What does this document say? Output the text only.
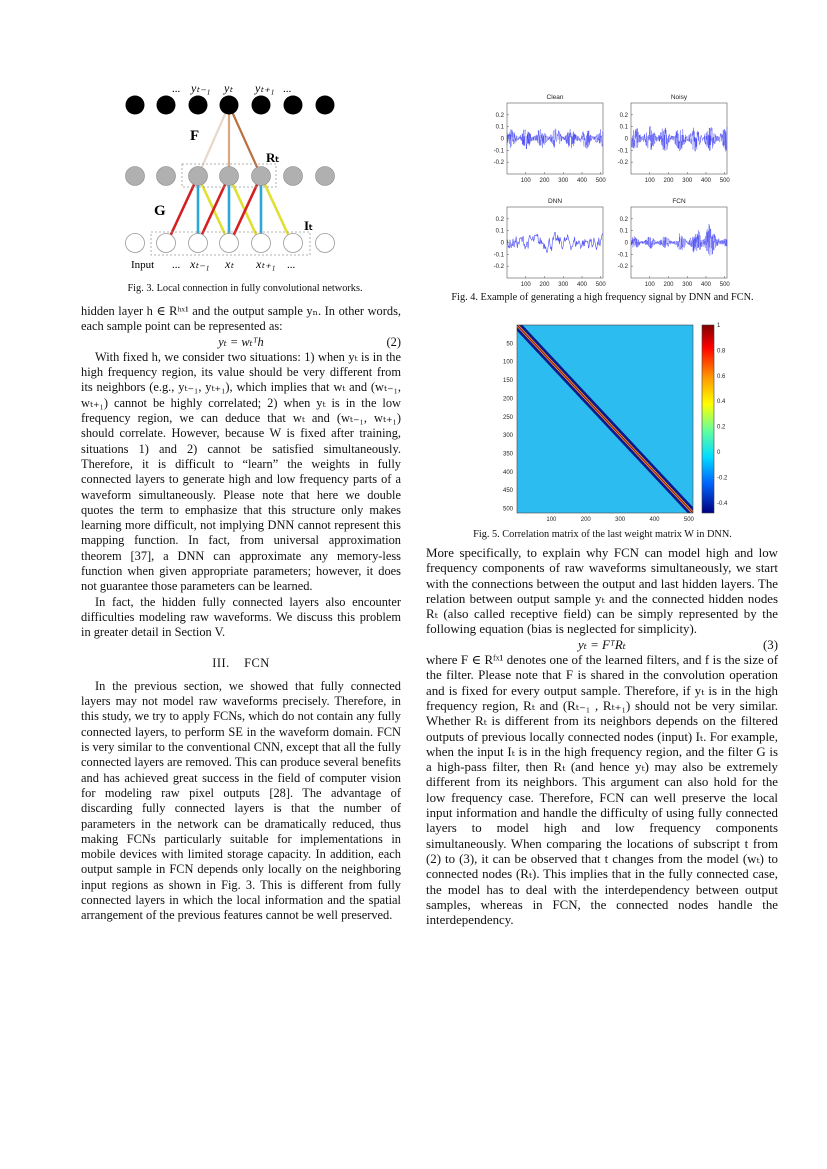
... yₜ₋₁ yₜ yₜ₊₁ ...
F
Rₜ
G
Iₜ
Input ... xₜ₋₁ xₜ xₜ₊₁ ...
Fig. 3. Local connection in fully convolutional networks.
Clean
0.2
0.1
0
-0.1
-0.2
100 200 300 400 500
Noisy
0.2
0.1
0
-0.1
-0.2
100 200 300 400 500
DNN
0.2
0.1
0
-0.1
-0.2
100 200 300 400 500
FCN
0.2
0.1
0
-0.1
-0.2
100 200 300 400 500
Fig. 4. Example of generating a high frequency signal by DNN and FCN.
50
100
150
200
250
300
350
400
450
500
100	200	300	400	500
1
0.8
0.6
0.4
0.2
0
-0.2
-0.4
Fig. 5. Correlation matrix of the last weight matrix W in DNN.

hidden layer h ∈ Rʰˣ¹ and the output sample yₙ. In other words, each sample point can be represented as:

yₜ = wₜᵀh	(2)

With fixed h, we consider two situations: 1) when yₜ is in the high frequency region, its value should be very different from its neighbors (e.g., yₜ₋₁, yₜ₊₁), which implies that wₜ and (wₜ₋₁, wₜ₊₁) cannot be highly correlated; 2) when yₜ is in the low frequency region, we can deduce that wₜ and (wₜ₋₁, wₜ₊₁) should correlate. However, because W is fixed after training, situations 1) and 2) cannot be satisfied simultaneously. Therefore, it is difficult to “learn” the weights in fully connected layers to generate high and low frequency parts of a waveform simultaneously. Please note that here we double quotes the term to emphasize that this structure only makes learning more difficult, not implying DNN cannot represent this mapping function. In fact, from universal approximation theorem [37], a DNN can approximate any memory-less function when given appropriate parameters; however, it does not guarantee those parameters can be learned.

In fact, the hidden fully connected layers also encounter difficulties modeling raw waveforms. We discuss this problem in greater detail in Section V.

III.    FCN

In the previous section, we showed that fully connected layers may not model raw waveforms precisely. Therefore, in this study, we try to apply FCNs, which do not contain any fully connected layers, to perform SE in the waveform domain. FCN is very similar to the conventional CNN, except that all the fully connected layers are removed. This can produce several benefits and has achieved great success in the field of computer vision for modeling raw pixel outputs [28]. The advantage of discarding fully connected layers is that the number of parameters in the network can be dramatically reduced, thus making FCNs particularly suitable for implementations in mobile devices with limited storage capacity. In addition, each output sample in FCN depends only locally on the neighboring input regions as shown in Fig. 3. This is different from fully connected layers in which the local information and the spatial arrangement of the previous features cannot be well preserved.

More specifically, to explain why FCN can model high and low frequency components of raw waveforms simultaneously, we start with the connections between the output and last hidden layers. The relation between output sample yₜ and the connected hidden nodes Rₜ (also called receptive field) can be simply represented by the following equation (bias is neglected for simplicity).

yₜ = FᵀRₜ	(3)

where F ∈ Rᶠˣ¹ denotes one of the learned filters, and f is the size of the filter. Please note that F is shared in the convolution operation and is fixed for every output sample. Therefore, if yₜ is in the high frequency region, Rₜ and (Rₜ₋₁ , Rₜ₊₁) should not be very similar. Whether Rₜ is different from its neighbors depends on the filtered outputs of previous locally connected nodes (input) Iₜ. For example, when the input Iₜ is in the high frequency region, and the filter G is a high-pass filter, then Rₜ (and hence yₜ) may also be extremely different from its neighbors. This argument can also hold for the low frequency case. Therefore, FCN can well preserve the local input information and handle the difficulty of using fully connected layers to model high and low frequency components simultaneously. When comparing the locations of subscript t from (2) to (3), it can be observed that t changes from the model (wₜ) to connected nodes (Rₜ). This implies that in the fully connected case, the model has to deal with the interdependency between output samples, whereas in FCN, the connected nodes handle the interdependency.
